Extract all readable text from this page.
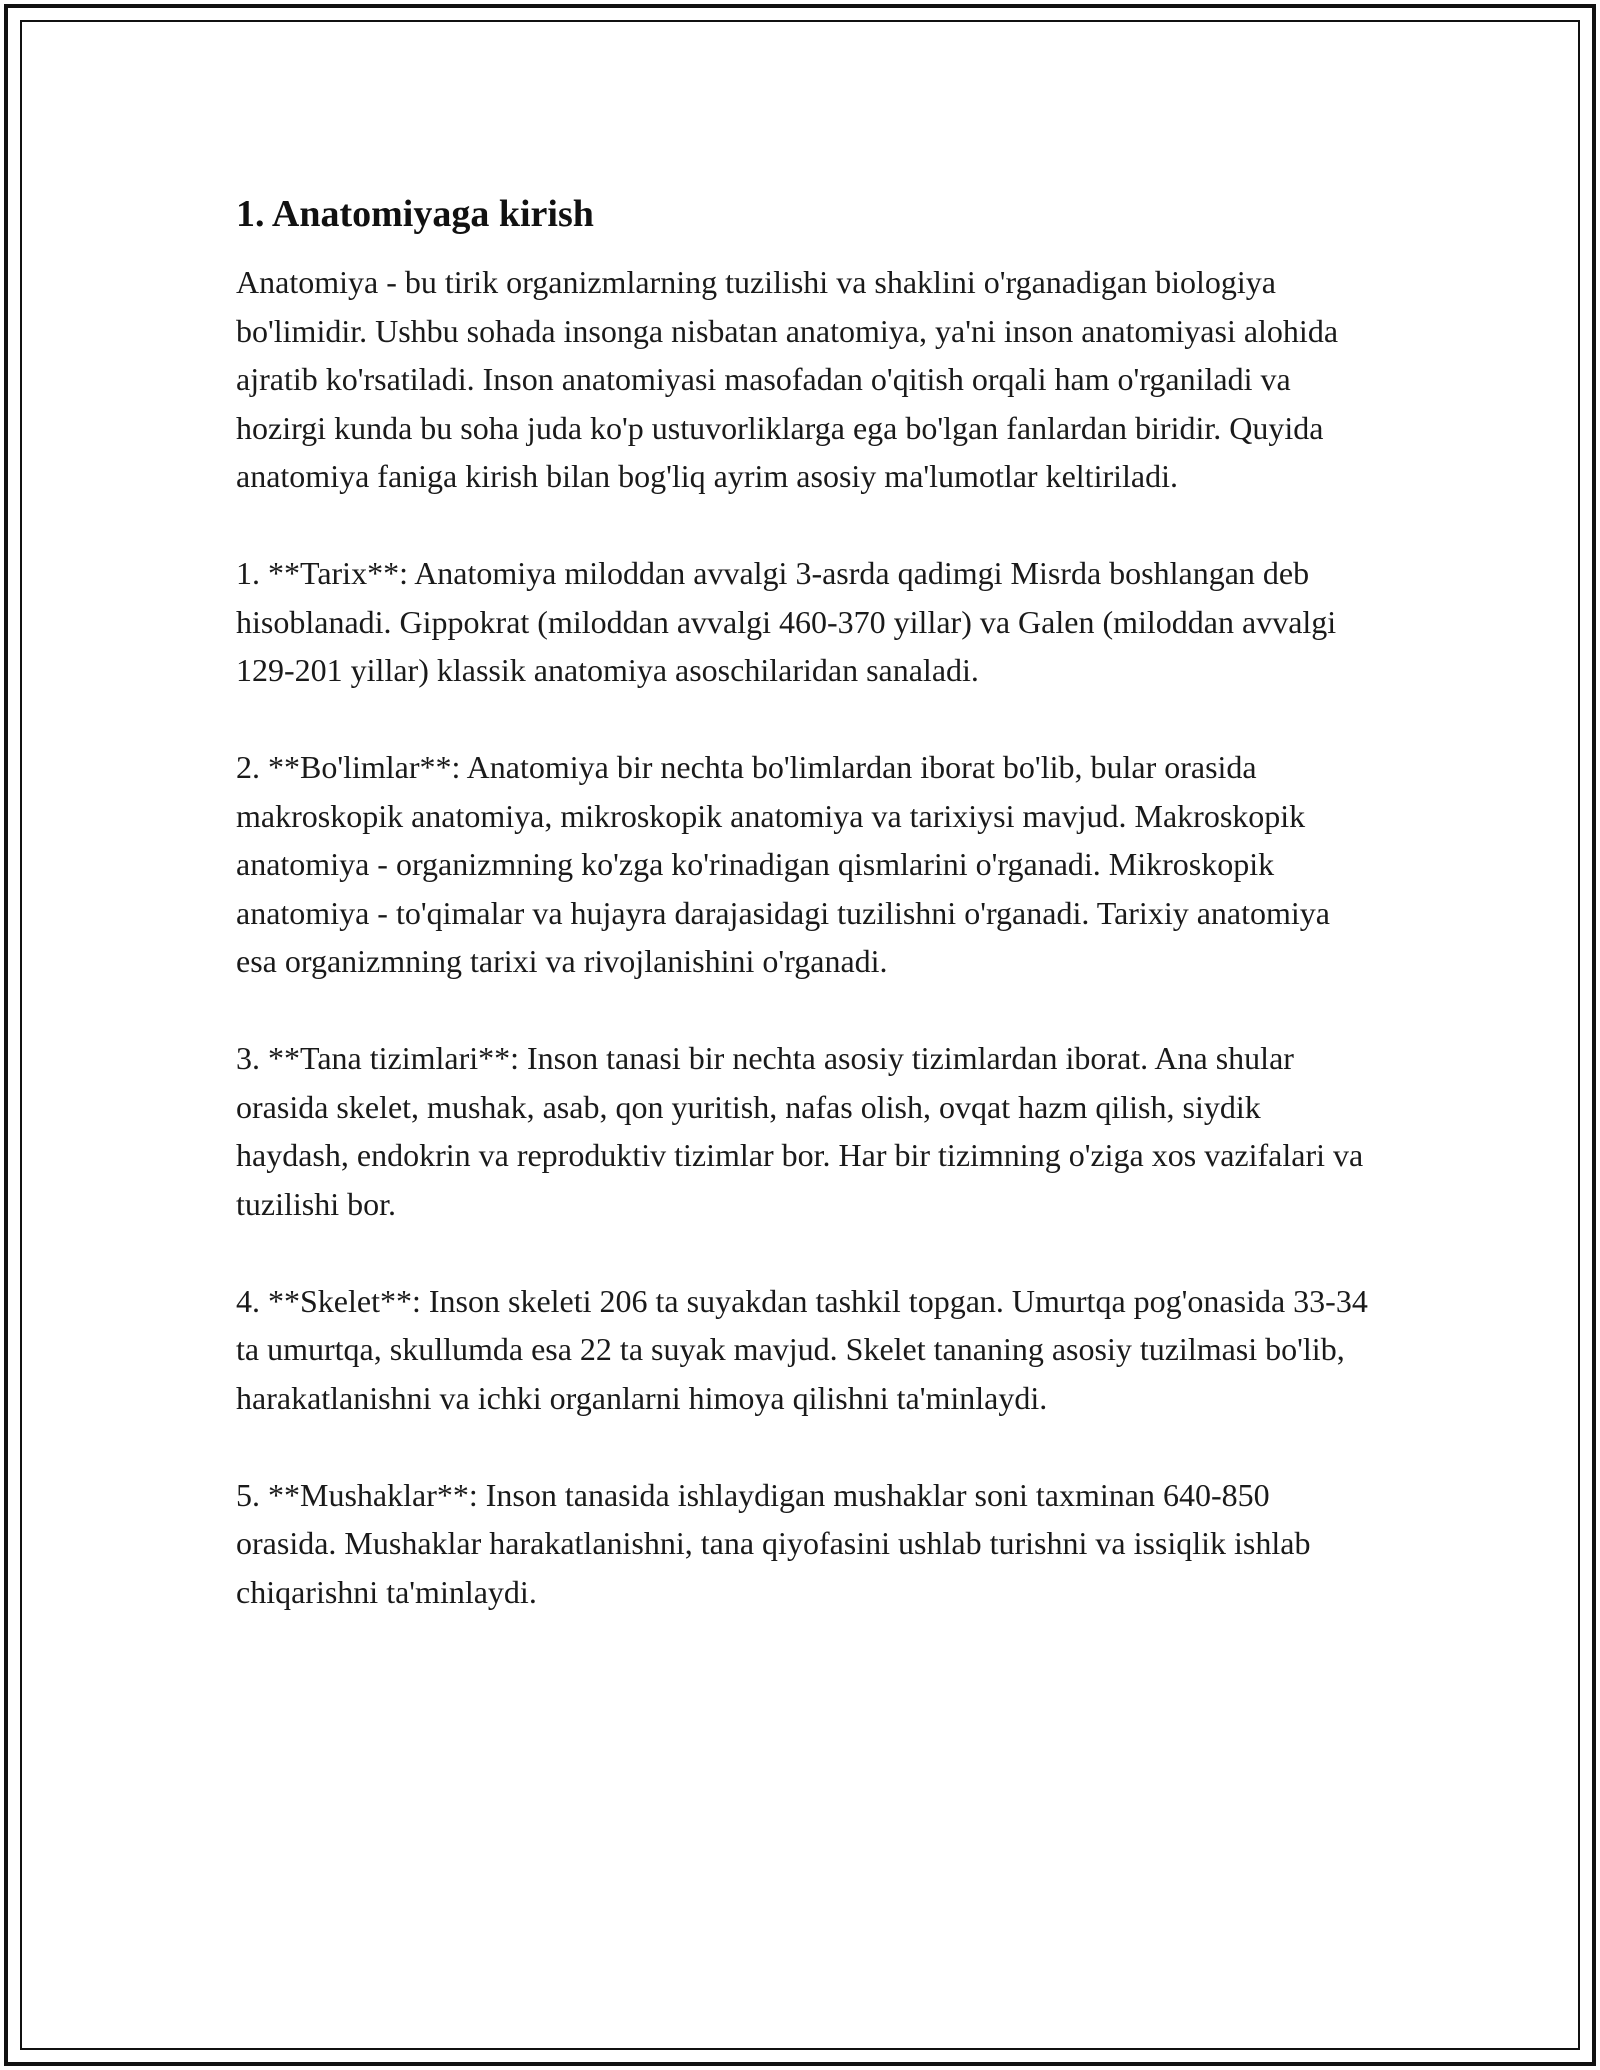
1. Anatomiyaga kirish

Anatomiya - bu tirik organizmlarning tuzilishi va shaklini o'rganadigan biologiya bo'limidir. Ushbu sohada insonga nisbatan anatomiya, ya'ni inson anatomiyasi alohida ajratib ko'rsatiladi. Inson anatomiyasi masofadan o'qitish orqali ham o'rganiladi va hozirgi kunda bu soha juda ko'p ustuvorliklarga ega bo'lgan fanlardan biridir. Quyida anatomiya faniga kirish bilan bog'liq ayrim asosiy ma'lumotlar keltiriladi.

1. **Tarix**: Anatomiya miloddan avvalgi 3-asrda qadimgi Misrda boshlangan deb hisoblanadi. Gippokrat (miloddan avvalgi 460-370 yillar) va Galen (miloddan avvalgi 129-201 yillar) klassik anatomiya asoschilaridan sanaladi.

2. **Bo'limlar**: Anatomiya bir nechta bo'limlardan iborat bo'lib, bular orasida makroskopik anatomiya, mikroskopik anatomiya va tarixiysi mavjud. Makroskopik anatomiya - organizmning ko'zga ko'rinadigan qismlarini o'rganadi. Mikroskopik anatomiya - to'qimalar va hujayra darajasidagi tuzilishni o'rganadi. Tarixiy anatomiya esa organizmning tarixi va rivojlanishini o'rganadi.

3. **Tana tizimlari**: Inson tanasi bir nechta asosiy tizimlardan iborat. Ana shular orasida skelet, mushak, asab, qon yuritish, nafas olish, ovqat hazm qilish, siydik haydash, endokrin va reproduktiv tizimlar bor. Har bir tizimning o'ziga xos vazifalari va tuzilishi bor.

4. **Skelet**: Inson skeleti 206 ta suyakdan tashkil topgan. Umurtqa pog'onasida 33-34 ta umurtqa, skullumda esa 22 ta suyak mavjud. Skelet tananing asosiy tuzilmasi bo'lib, harakatlanishni va ichki organlarni himoya qilishni ta'minlaydi.

5. **Mushaklar**: Inson tanasida ishlaydigan mushaklar soni taxminan 640-850 orasida. Mushaklar harakatlanishni, tana qiyofasini ushlab turishni va issiqlik ishlab chiqarishni ta'minlaydi.
